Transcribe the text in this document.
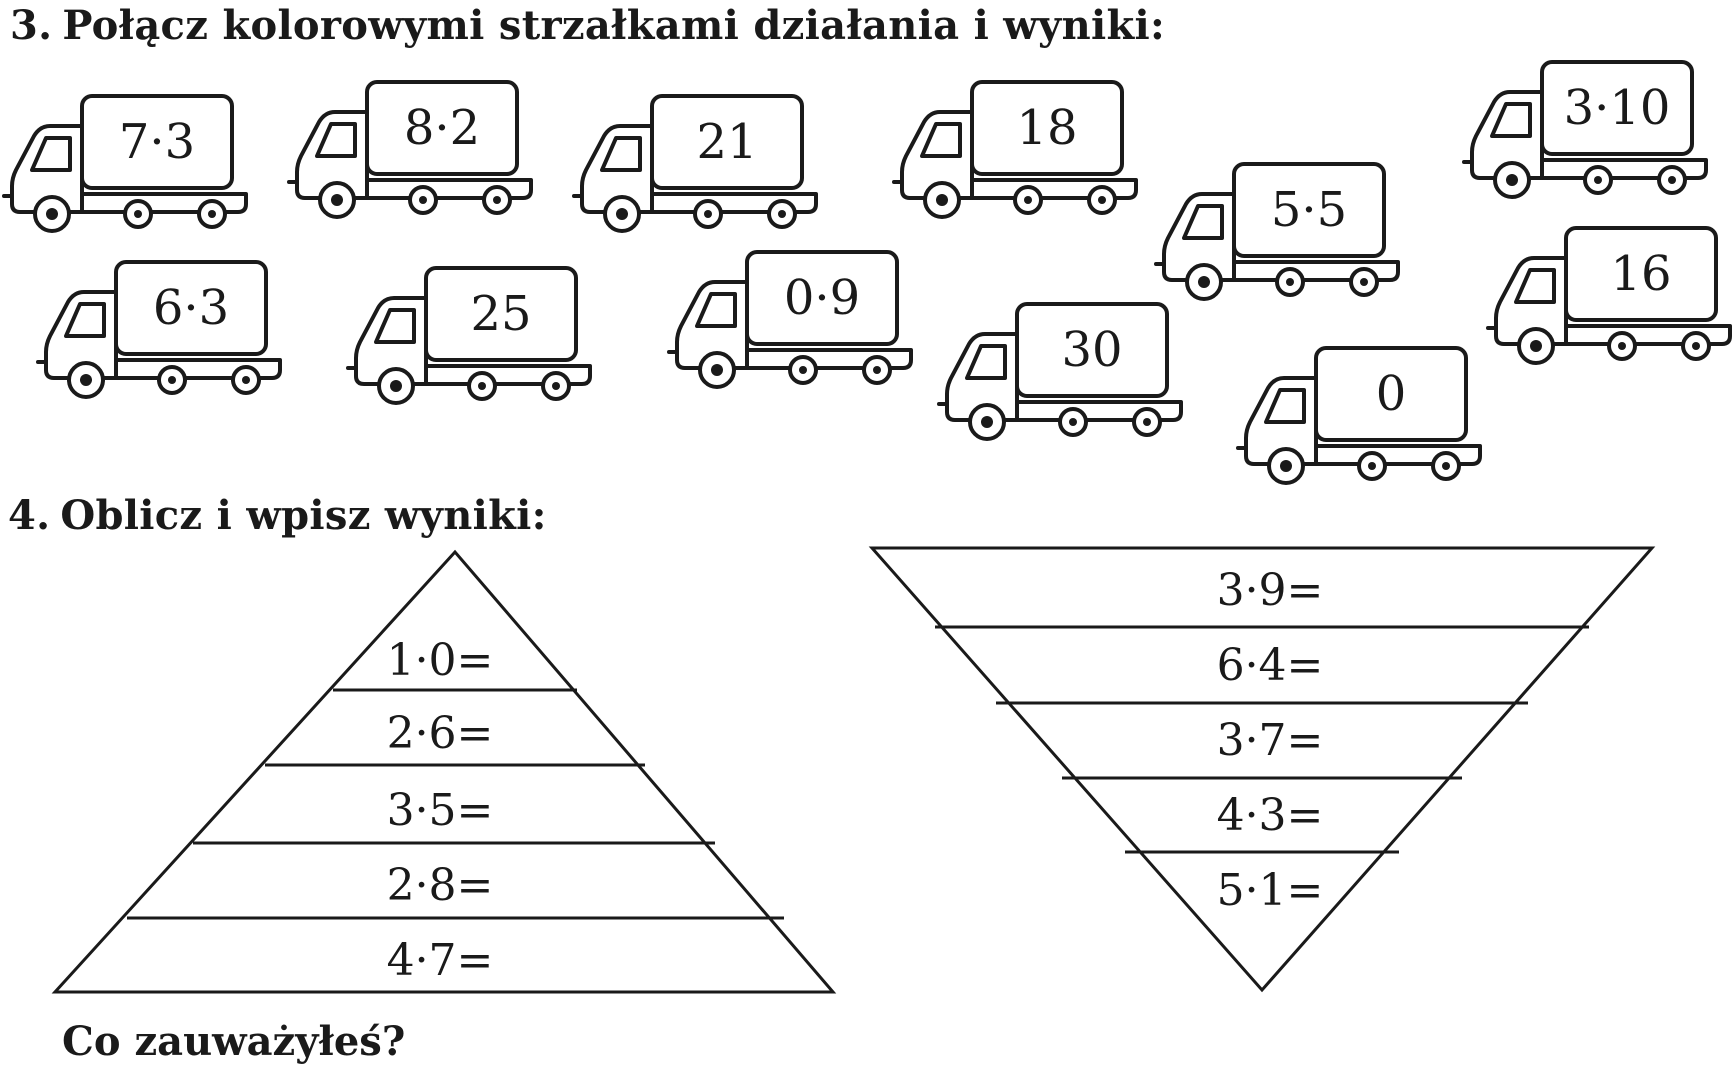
3. Połącz kolorowymi strzałkami działania i wyniki:
7·3	8·2	21	18	3·10
5·5
6·3	25	0·9
30
16
0
4. Oblicz i wpisz wyniki:
1·0=
2·6=
3·5=
2·8=
4·7=
3·9=
6·4=
3·7=
4·3=
5·1=
Co zauważyłeś?
